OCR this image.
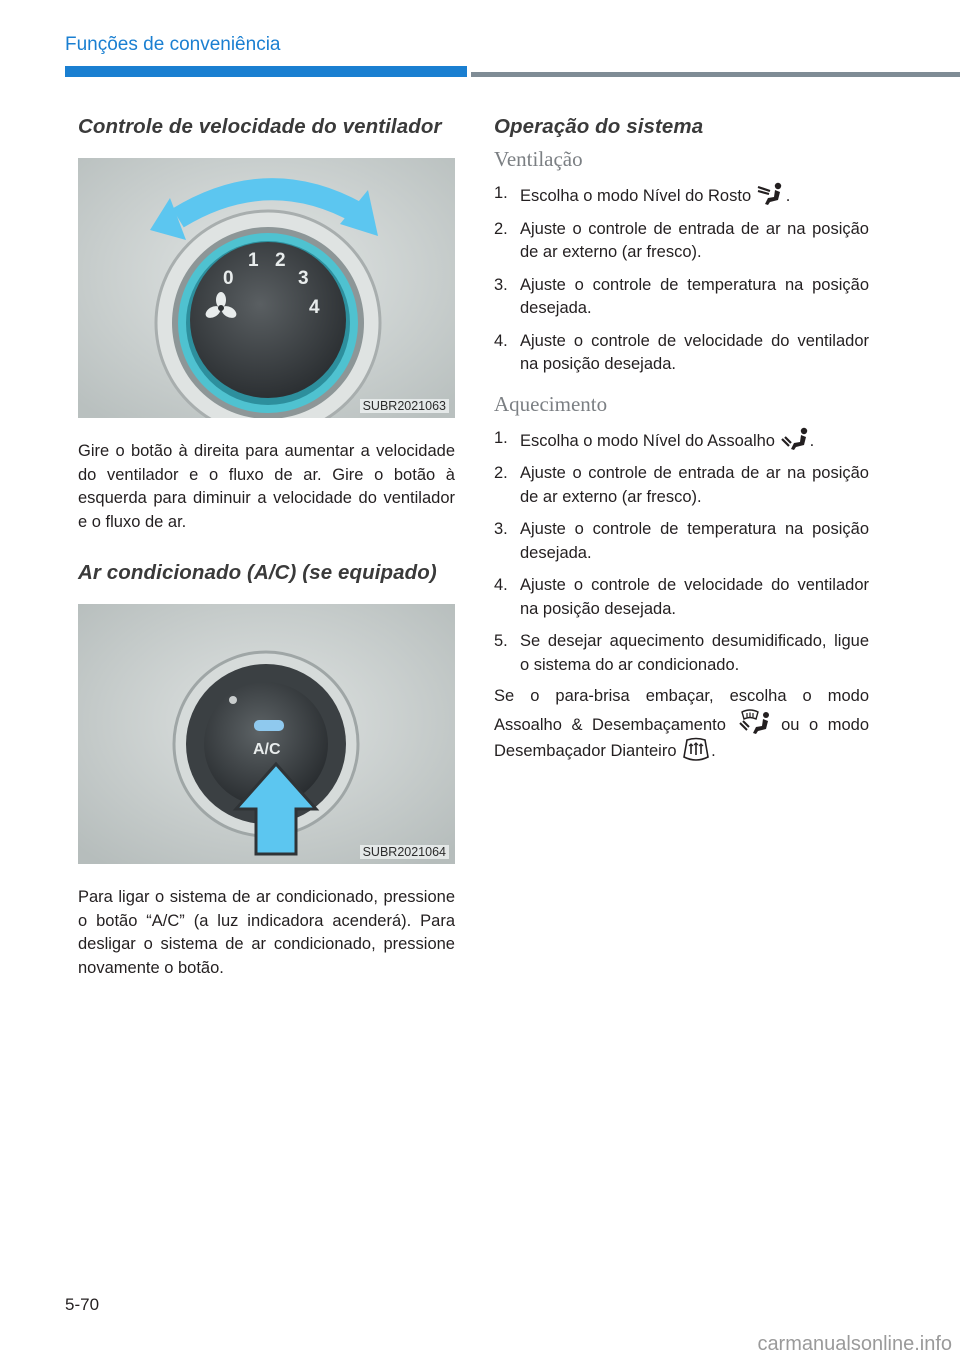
Funções de conveniência
Controle de velocidade do ventilador
0
1 2
3
4
SUBR2021063

Gire o botão à direita para aumentar a velocidade do ventilador e o fluxo de ar. Gire o botão à esquerda para diminuir a velocidade do ventilador e o fluxo de ar.

Ar condicionado (A/C) (se equipado)
A/C
SUBR2021064

Para ligar o sistema de ar condicionado, pressione o botão “A/C” (a luz indicadora acenderá). Para desligar o sistema de ar condicionado, pressione novamente o botão.

Operação do sistema
Ventilação
1. Escolha o modo Nível do Rosto .
2. Ajuste o controle de entrada de ar na posição de ar externo (ar fresco).
3. Ajuste o controle de temperatura na posição desejada.
4. Ajuste o controle de velocidade do ventilador na posição desejada.
Aquecimento
1. Escolha o modo Nível do Assoalho .
2. Ajuste o controle de entrada de ar na posição de ar externo (ar fresco).
3. Ajuste o controle de temperatura na posição desejada.
4. Ajuste o controle de velocidade do ventilador na posição desejada.
5. Se desejar aquecimento desumidificado, ligue o sistema do ar condicionado.

Se o para-brisa embaçar, escolha o modo Assoalho & Desembaçamento	ou o modo Desembaçador Dianteiro .

5-70
carmanualsonline.info
